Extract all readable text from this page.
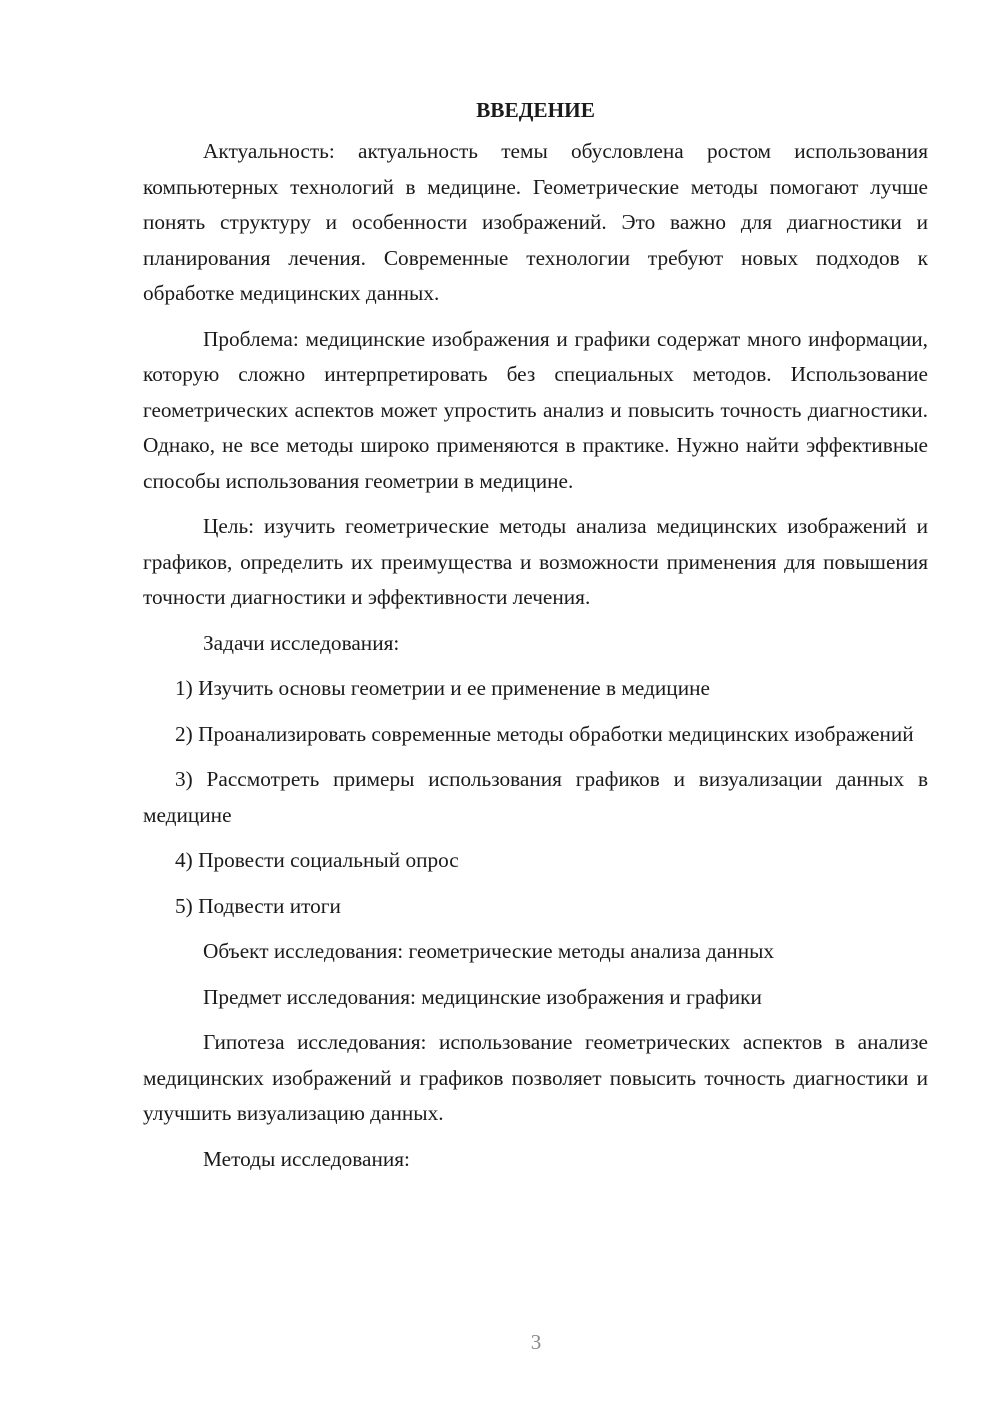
ВВЕДЕНИЕ

Актуальность: актуальность темы обусловлена ростом использования компьютерных технологий в медицине. Геометрические методы помогают лучше понять структуру и особенности изображений. Это важно для диагностики и планирования лечения. Современные технологии требуют новых подходов к обработке медицинских данных.

Проблема: медицинские изображения и графики содержат много информации, которую сложно интерпретировать без специальных методов. Использование геометрических аспектов может упростить анализ и повысить точность диагностики. Однако, не все методы широко применяются в практике. Нужно найти эффективные способы использования геометрии в медицине.

Цель: изучить геометрические методы анализа медицинских изображений и графиков, определить их преимущества и возможности применения для повышения точности диагностики и эффективности лечения.

Задачи исследования:

1) Изучить основы геометрии и ее применение в медицине

2) Проанализировать современные методы обработки медицинских изображений

3) Рассмотреть примеры использования графиков и визуализации данных в медицине

4) Провести социальный опрос

5) Подвести итоги

Объект исследования: геометрические методы анализа данных

Предмет исследования: медицинские изображения и графики

Гипотеза исследования: использование геометрических аспектов в анализе медицинских изображений и графиков позволяет повысить точность диагностики и улучшить визуализацию данных.

Методы исследования:

3
